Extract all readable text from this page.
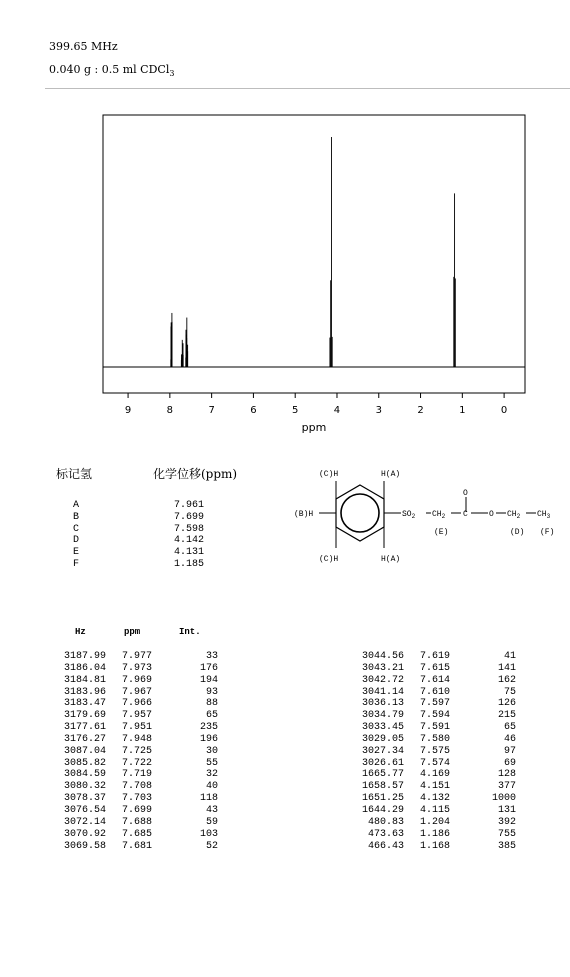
399.65 MHz
0.040 g : 0.5 ml CDCl$_3$
9	8	7	6	5	4	3	2	1	0
ppm
标记氢	化学位移(ppm)
A	7.961
B	7.699
C	7.598
D	4.142
E	4.131
F	1.185
(C)H	H(A)
(B)H
(C)H	H(A)
$SO_2$ $CH_2$
O
C	O $CH_2$ $CH_3$
(E)	(D) (F)
Hz	ppm	Int.
3187.99	7.977	33
3186.04	7.973	176
3184.81	7.969	194
3183.96	7.967	93
3183.47	7.966	88
3179.69	7.957	65
3177.61	7.951	235
3176.27	7.948	196
3087.04	7.725	30
3085.82	7.722	55
3084.59	7.719	32
3080.32	7.708	40
3078.37	7.703	118
3076.54	7.699	43
3072.14	7.688	59
3070.92	7.685	103
3069.58	7.681	52
3044.56	7.619	41
3043.21	7.615	141
3042.72	7.614	162
3041.14	7.610	75
3036.13	7.597	126
3034.79	7.594	215
3033.45	7.591	65
3029.05	7.580	46
3027.34	7.575	97
3026.61	7.574	69
1665.77	4.169	128
1658.57	4.151	377
1651.25	4.132	1000
1644.29	4.115	131
480.83	1.204	392
473.63	1.186	755
466.43	1.168	385
